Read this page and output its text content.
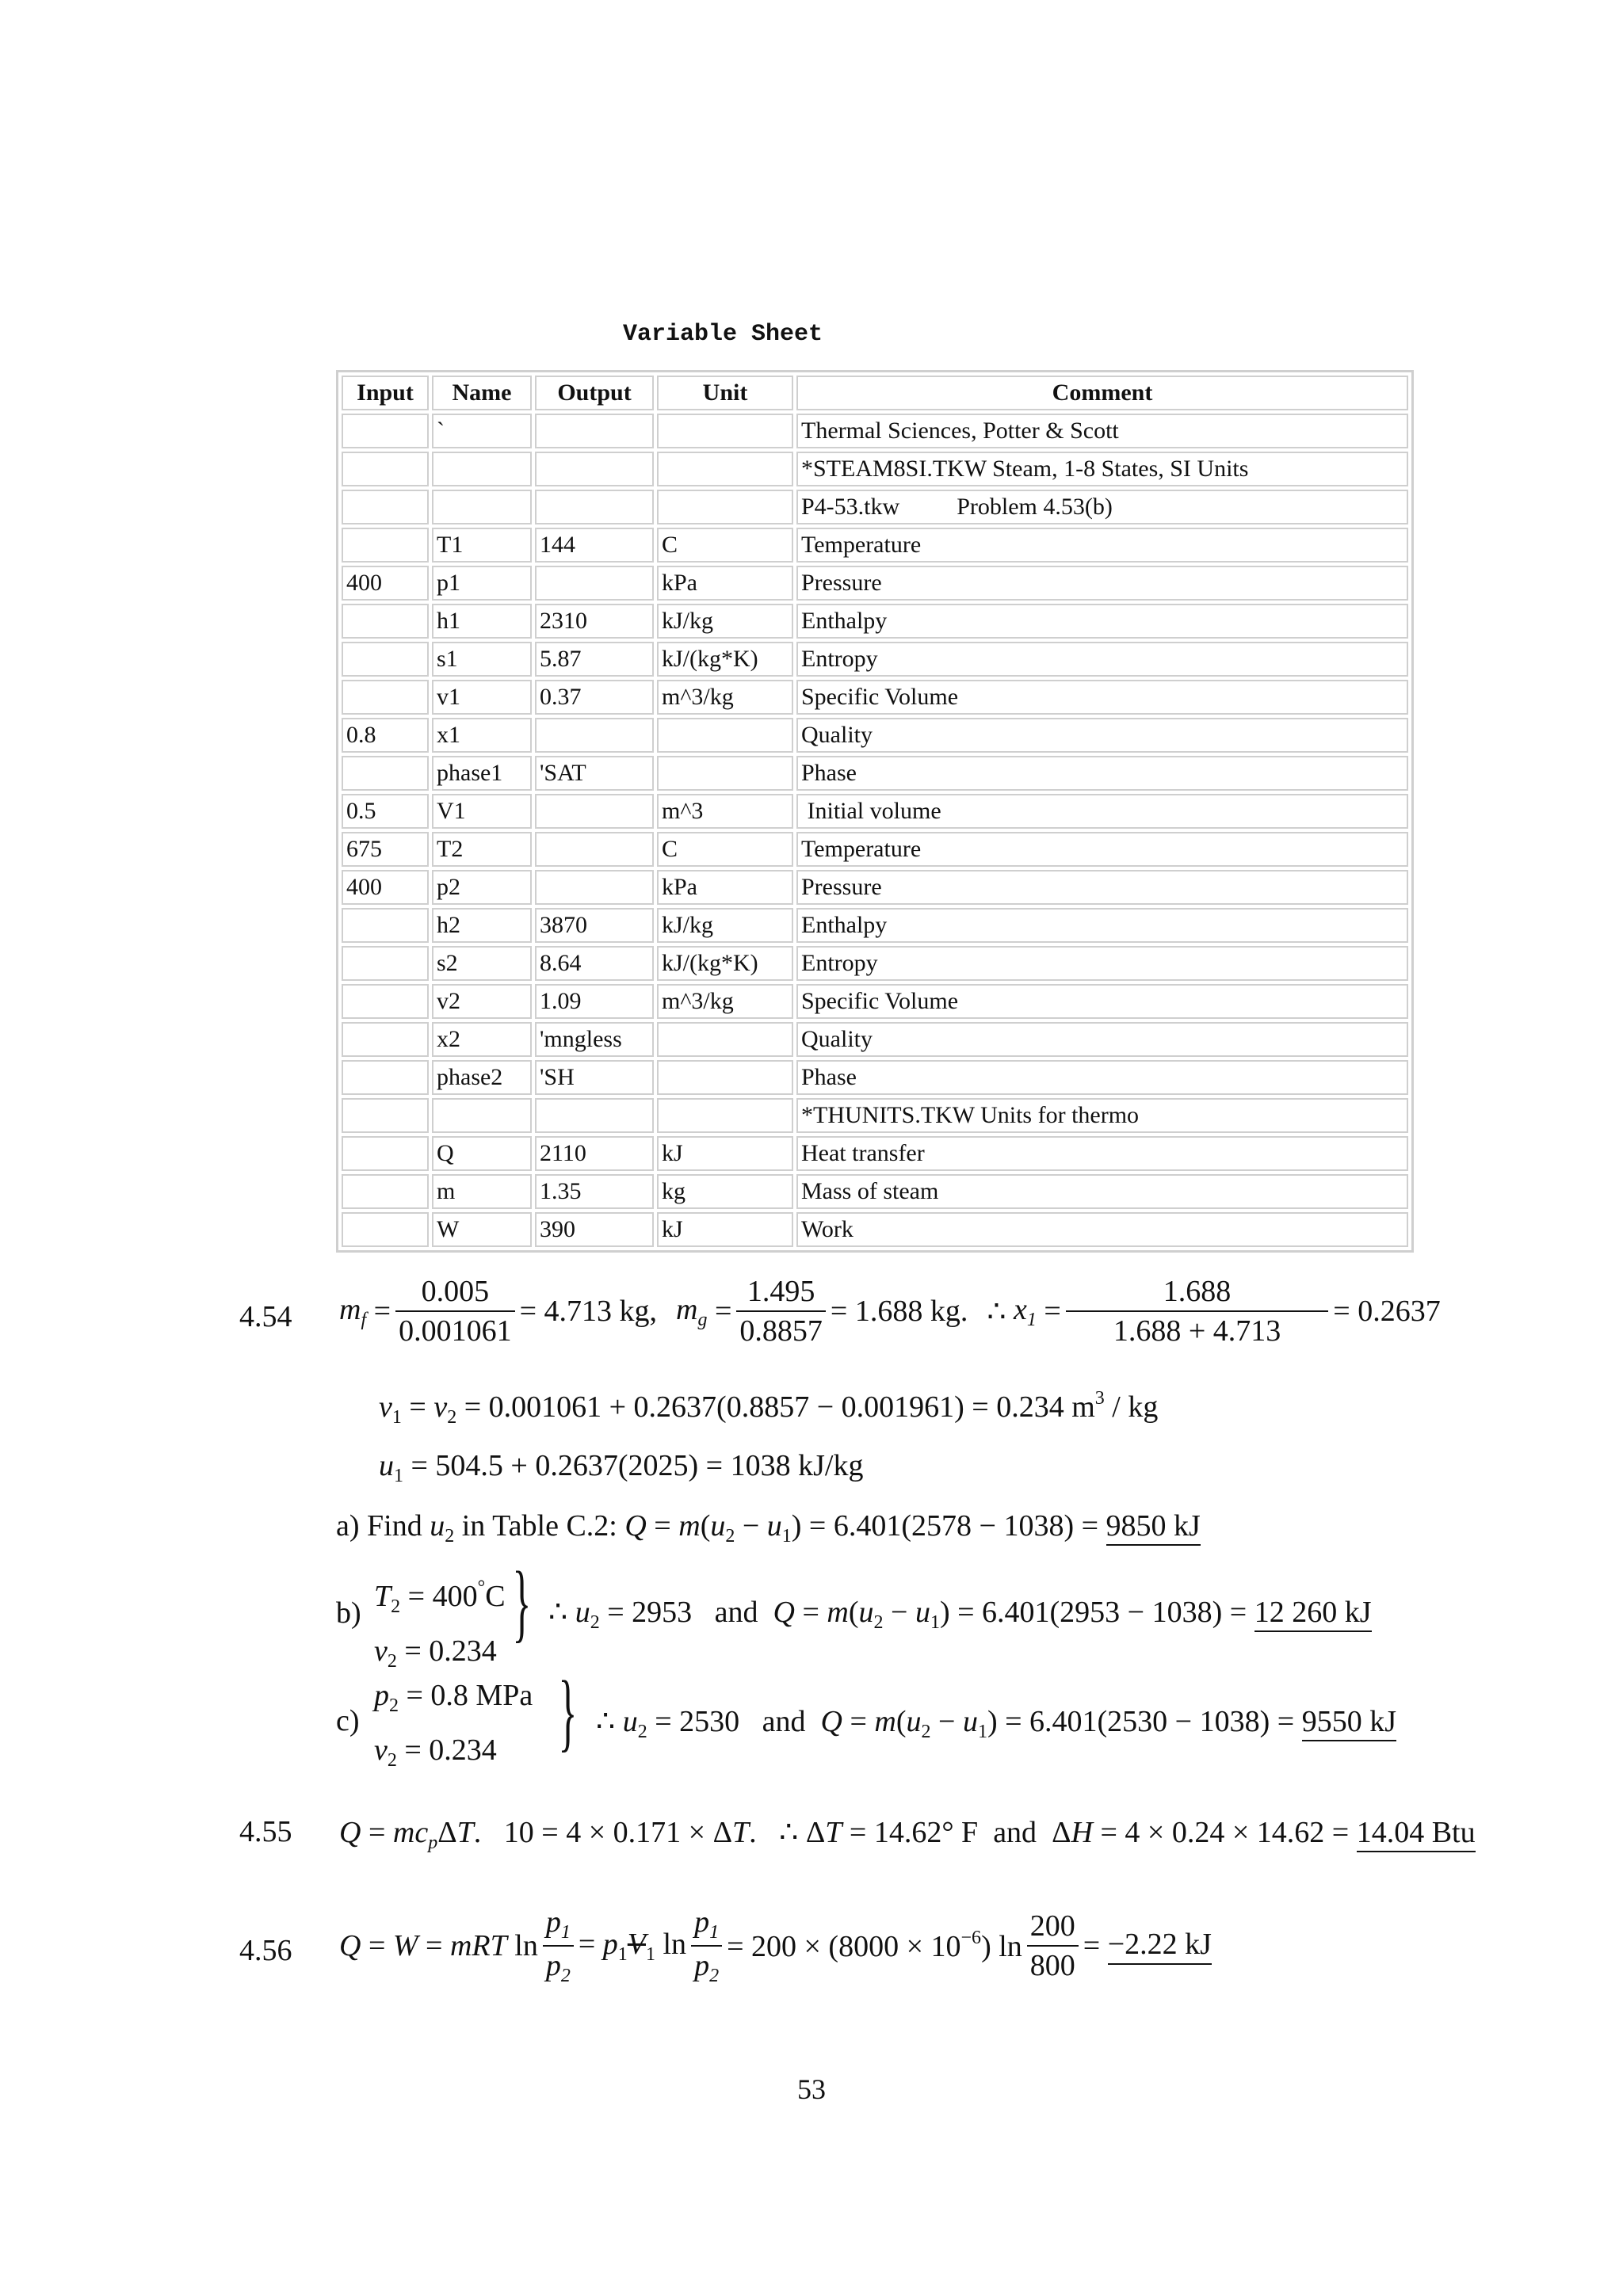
Variable Sheet
Input	Name	Output	Unit	Comment
	`			Thermal Sciences, Potter & Scott
				*STEAM8SI.TKW Steam, 1-8 States, SI Units
				P4-53.tkw Problem 4.53(b)
	T1	144	C	Temperature
400	p1		kPa	Pressure
	h1	2310	kJ/kg	Enthalpy
	s1	5.87	kJ/(kg*K)	Entropy
	v1	0.37	m^3/kg	Specific Volume
0.8	x1			Quality
	phase1	'SAT		Phase
0.5	V1		m^3	Initial volume
675	T2		C	Temperature
400	p2		kPa	Pressure
	h2	3870	kJ/kg	Enthalpy
	s2	8.64	kJ/(kg*K)	Entropy
	v2	1.09	m^3/kg	Specific Volume
	x2	'mngless		Quality
	phase2	'SH		Phase
				*THUNITS.TKW Units for thermo
	Q	2110	kJ	Heat transfer
	m	1.35	kg	Mass of steam
	W	390	kJ	Work
4.54 $m_f = \frac{0.005}{0.001061} = 4.713$ kg, $m_g = \frac{1.495}{0.8857} = 1.688$ kg. ∴ $x_1 = \frac{1.688}{1.688 + 4.713} = 0.2637$
$v_1 = v_2 = 0.001061 + 0.2637(0.8857 - 0.001961) = 0.234$ $m^3$ / kg
$u_1 = 504.5 + 0.2637(2025) = 1038$ kJ/kg
a) Find $u_2$ in Table C.2: $Q = m(u_2 - u_1) = 6.401(2578 - 1038) = 9850$ kJ
b) $T_2 = 400^\circ C$
$v_2 = 0.234$
} ∴ $u_2 = 2953$ and $Q = m(u_2 - u_1) = 6.401(2953 - 1038) = 12$ 260 kJ
c)
$p_2 = 0.8$ MPa
$v_2 = 0.234$ } ∴ $u_2 = 2530$ and $Q = m(u_2 - u_1) = 6.401(2530 - 1038) = 9550$ kJ
4.55 $Q = mc_p\Delta T$.   10 = 4 × 0.171 × ΔT.   ∴ ΔT = 14.62° F and  ΔH = 4 × 0.24 × 14.62 = 14.04 Btu
4.56 Q = W = mRT $\ln \frac{p_1}{p_2} = p_1V_1$ $\ln \frac{p_1}{p_2} = 200 \times (8000 \times 10^{-6})$ $\ln \frac{200}{800} = -2.22$ kJ
53
